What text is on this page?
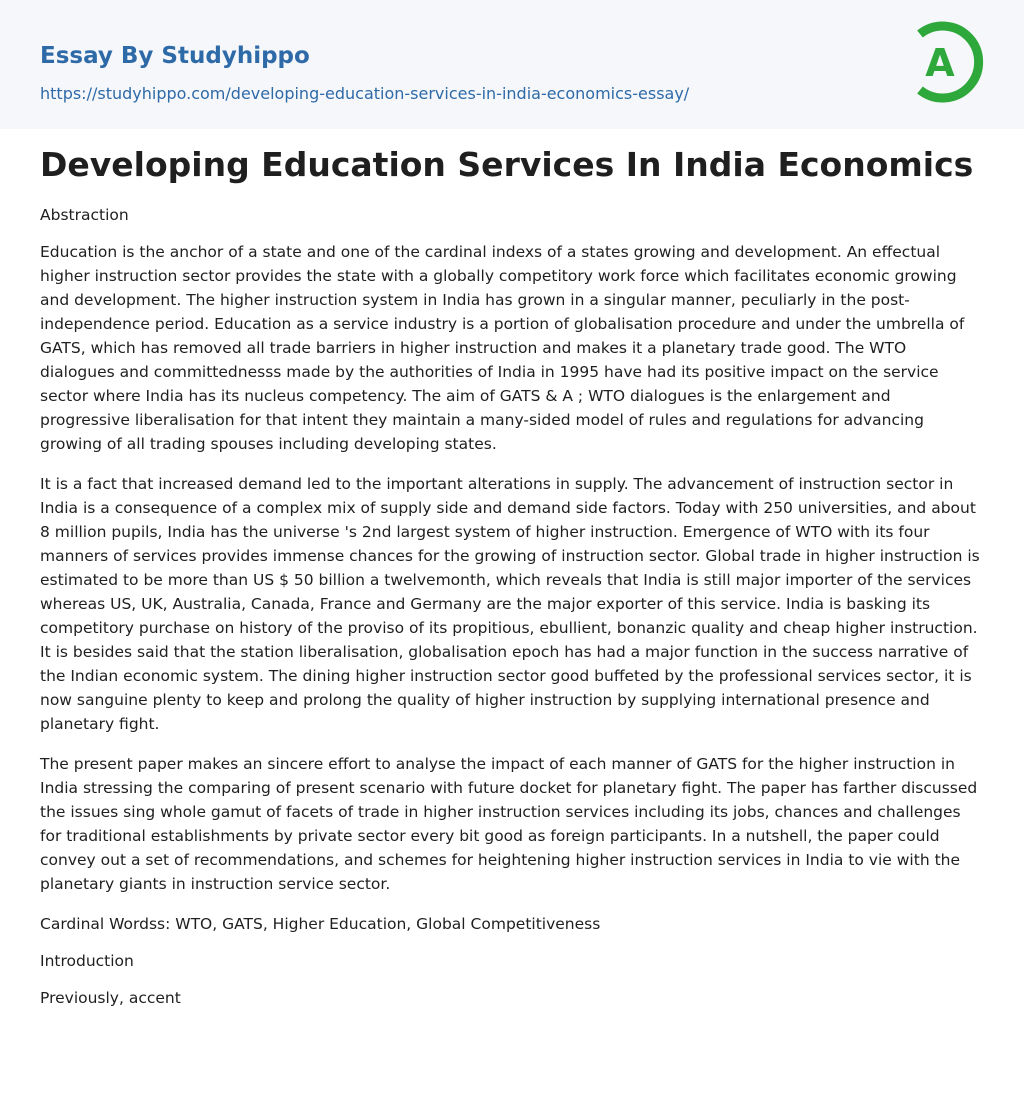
Essay By Studyhippo
https://studyhippo.com/developing-education-services-in-india-economics-essay/
A
Developing Education Services In India Economics

Abstraction

Education is the anchor of a state and one of the cardinal indexs of a states growing and development. An effectual higher instruction sector provides the state with a globally competitory work force which facilitates economic growing and development. The higher instruction system in India has grown in a singular manner, peculiarly in the post-independence period. Education as a service industry is a portion of globalisation procedure and under the umbrella of GATS, which has removed all trade barriers in higher instruction and makes it a planetary trade good. The WTO dialogues and committednesss made by the authorities of India in 1995 have had its positive impact on the service sector where India has its nucleus competency. The aim of GATS & A ; WTO dialogues is the enlargement and progressive liberalisation for that intent they maintain a many-sided model of rules and regulations for advancing growing of all trading spouses including developing states.

It is a fact that increased demand led to the important alterations in supply. The advancement of instruction sector in India is a consequence of a complex mix of supply side and demand side factors. Today with 250 universities, and about 8 million pupils, India has the universe 's 2nd largest system of higher instruction. Emergence of WTO with its four manners of services provides immense chances for the growing of instruction sector. Global trade in higher instruction is estimated to be more than US $ 50 billion a twelvemonth, which reveals that India is still major importer of the services whereas US, UK, Australia, Canada, France and Germany are the major exporter of this service. India is basking its competitory purchase on history of the proviso of its propitious, ebullient, bonanzic quality and cheap higher instruction. It is besides said that the station liberalisation, globalisation epoch has had a major function in the success narrative of the Indian economic system. The dining higher instruction sector good buffeted by the professional services sector, it is now sanguine plenty to keep and prolong the quality of higher instruction by supplying international presence and planetary fight.

The present paper makes an sincere effort to analyse the impact of each manner of GATS for the higher instruction in India stressing the comparing of present scenario with future docket for planetary fight. The paper has farther discussed the issues sing whole gamut of facets of trade in higher instruction services including its jobs, chances and challenges for traditional establishments by private sector every bit good as foreign participants. In a nutshell, the paper could convey out a set of recommendations, and schemes for heightening higher instruction services in India to vie with the planetary giants in instruction service sector.

Cardinal Wordss: WTO, GATS, Higher Education, Global Competitiveness

Introduction

Previously, accent
